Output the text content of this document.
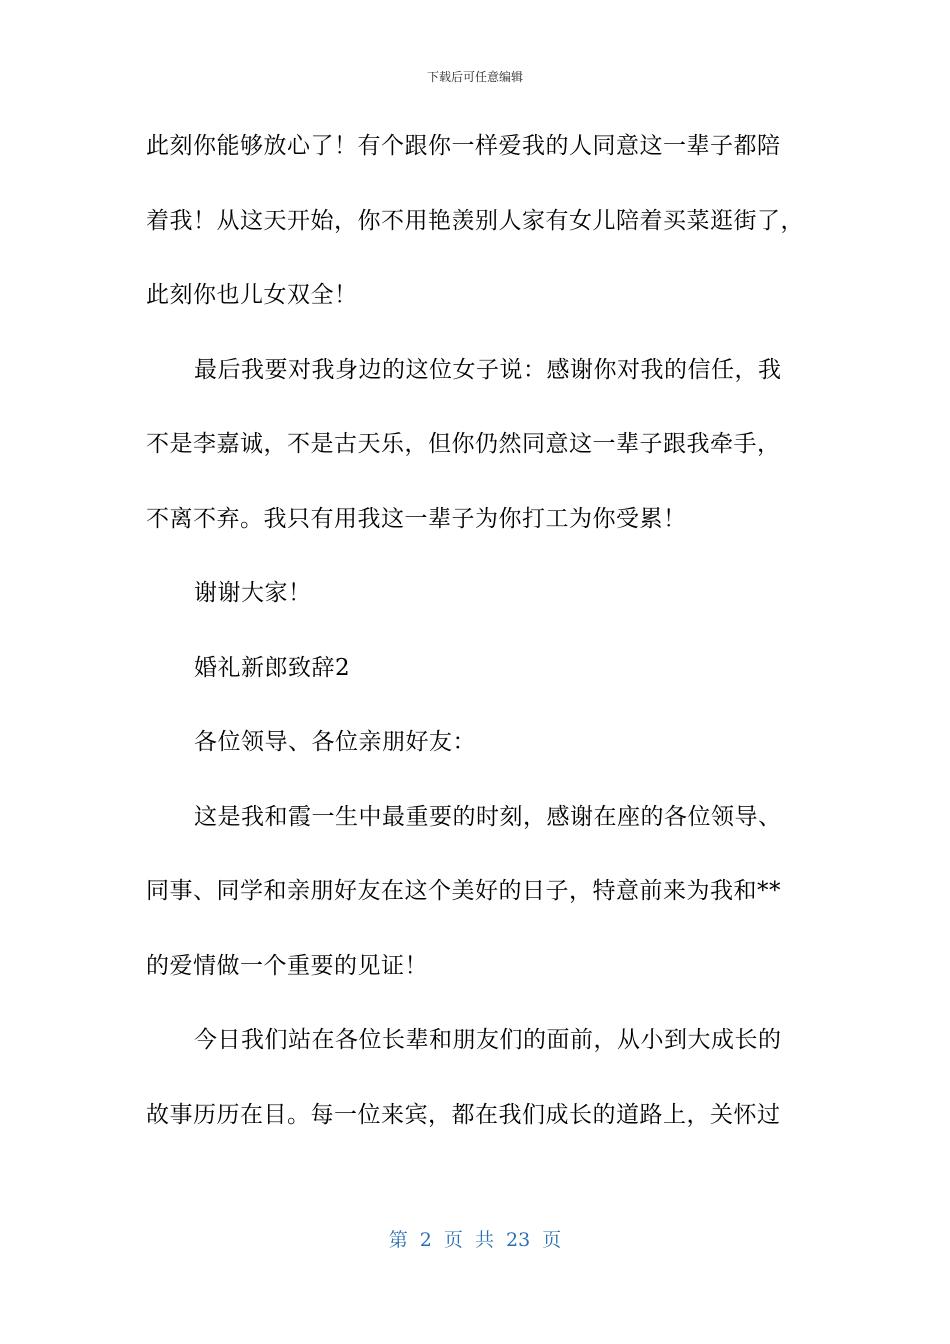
下载后可任意编辑
此刻你能够放心了！有个跟你一样爱我的人同意这一辈子都陪
着我！从这天开始，你不用艳羡别人家有女儿陪着买菜逛街了，
此刻你也儿女双全！
最后我要对我身边的这位女子说：感谢你对我的信任，我
不是李嘉诚，不是古天乐，但你仍然同意这一辈子跟我牵手，
不离不弃。我只有用我这一辈子为你打工为你受累！
谢谢大家！
婚礼新郎致辞2
各位领导、各位亲朋好友：
这是我和霞一生中最重要的时刻，感谢在座的各位领导、
同事、同学和亲朋好友在这个美好的日子，特意前来为我和**
的爱情做一个重要的见证！
今日我们站在各位长辈和朋友们的面前，从小到大成长的
故事历历在目。每一位来宾，都在我们成长的道路上，关怀过
第 2 页 共 23 页
